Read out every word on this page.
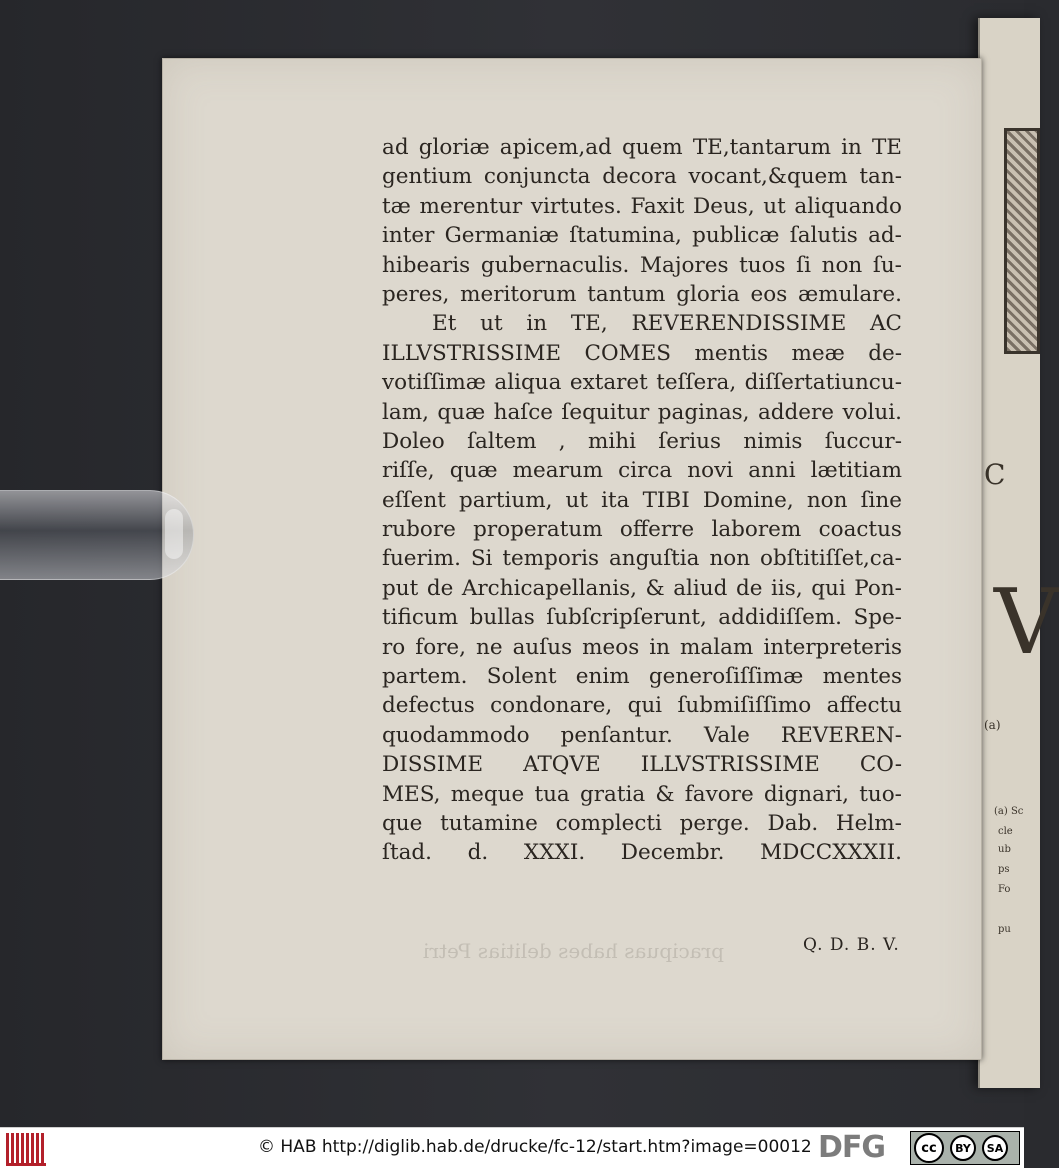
C
V
(a)
(a) Sc
cle
ub
ps
Fo
pu
ad gloriæ apicem,ad quem TE,tantarum in TE
gentium conjuncta decora vocant,&quem tan-
tæ merentur virtutes. Faxit Deus, ut aliquando
inter Germaniæ ſtatumina, publicæ ſalutis ad-
hibearis gubernaculis. Majores tuos ſi non ſu-
peres, meritorum tantum gloria eos æmulare.
Et ut in TE, REVERENDISSIME AC
ILLVSTRISSIME COMES mentis meæ de-
votiſſimæ aliqua extaret teſſera, diſſertatiuncu-
lam, quæ haſce ſequitur paginas, addere volui.
Doleo ſaltem , mihi ſerius nimis ſuccur-
riſſe, quæ mearum circa novi anni lætitiam
eſſent partium, ut ita TIBI Domine, non ſine
rubore properatum offerre laborem coactus
fuerim. Si temporis anguſtia non obſtitiſſet,ca-
put de Archicapellanis, & aliud de iis, qui Pon-
tificum bullas ſubſcripſerunt, addidiſſem. Spe-
ro fore, ne auſus meos in malam interpreteris
partem. Solent enim generoſiſſimæ mentes
defectus condonare, qui ſubmiſiſſimo affectu
quodammodo penſantur. Vale REVEREN-
DISSIME ATQVE ILLVSTRISSIME CO-
MES, meque tua gratia & favore dignari, tuo-
que tutamine complecti perge. Dab. Helm-
ſtad. d. XXXI. Decembr. MDCCXXXII.
Q. D. B. V.
pracipuas habes delitias Petri
© HAB http://diglib.hab.de/drucke/fc-12/start.htm?image=00012 DFG	cc	BY	SA
